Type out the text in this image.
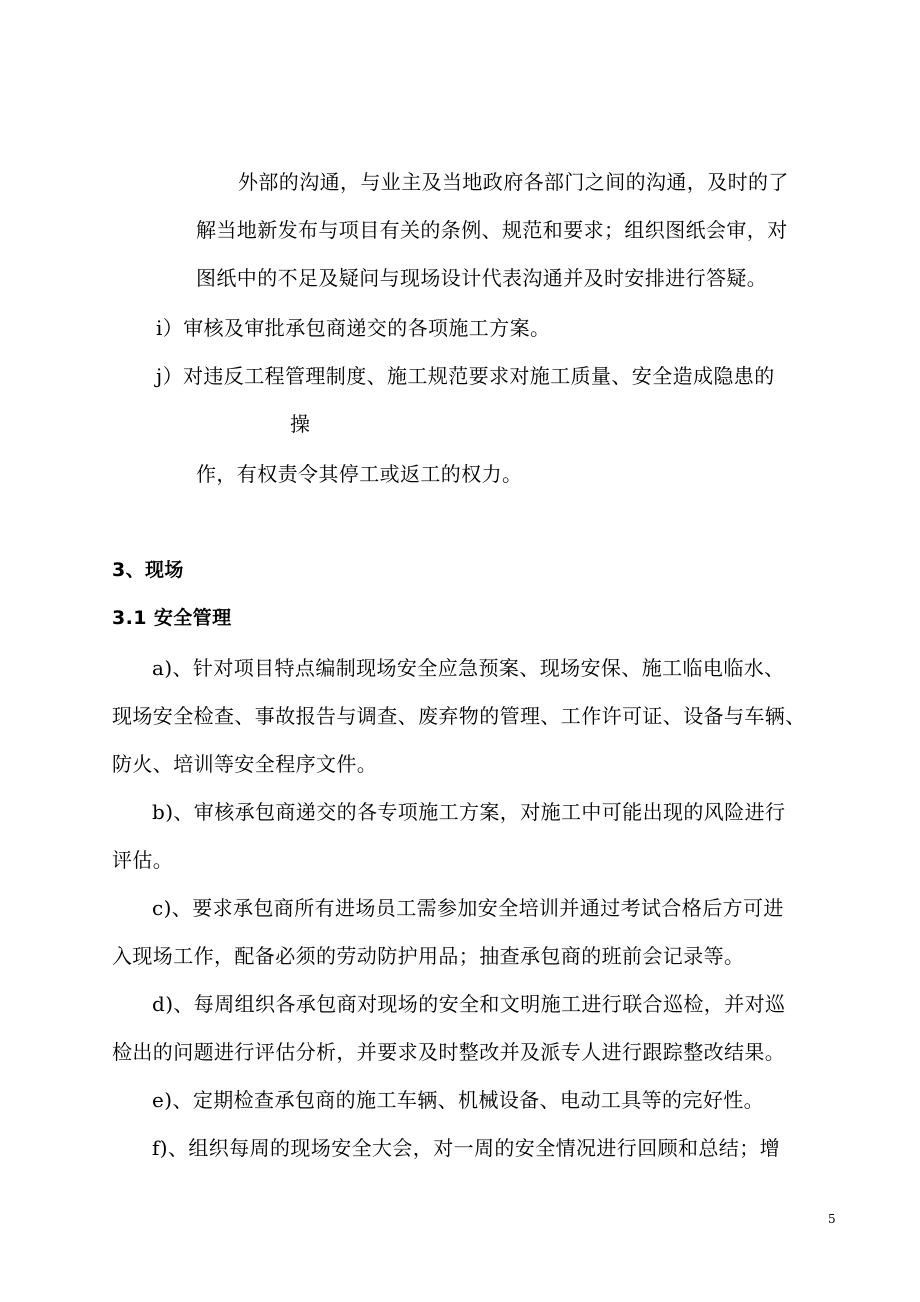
外部的沟通，与业主及当地政府各部门之间的沟通，及时的了
解当地新发布与项目有关的条例、规范和要求；组织图纸会审，对
图纸中的不足及疑问与现场设计代表沟通并及时安排进行答疑。
i）审核及审批承包商递交的各项施工方案。
j）对违反工程管理制度、施工规范要求对施工质量、安全造成隐患的
操
作，有权责令其停工或返工的权力。
3、现场
3.1 安全管理
a)、针对项目特点编制现场安全应急预案、现场安保、施工临电临水、
现场安全检查、事故报告与调查、废弃物的管理、工作许可证、设备与车辆、
防火、培训等安全程序文件。
b)、审核承包商递交的各专项施工方案，对施工中可能出现的风险进行
评估。
c)、要求承包商所有进场员工需参加安全培训并通过考试合格后方可进
入现场工作，配备必须的劳动防护用品；抽查承包商的班前会记录等。
d)、每周组织各承包商对现场的安全和文明施工进行联合巡检，并对巡
检出的问题进行评估分析，并要求及时整改并及派专人进行跟踪整改结果。
e)、定期检查承包商的施工车辆、机械设备、电动工具等的完好性。
f)、组织每周的现场安全大会，对一周的安全情况进行回顾和总结；增
5
